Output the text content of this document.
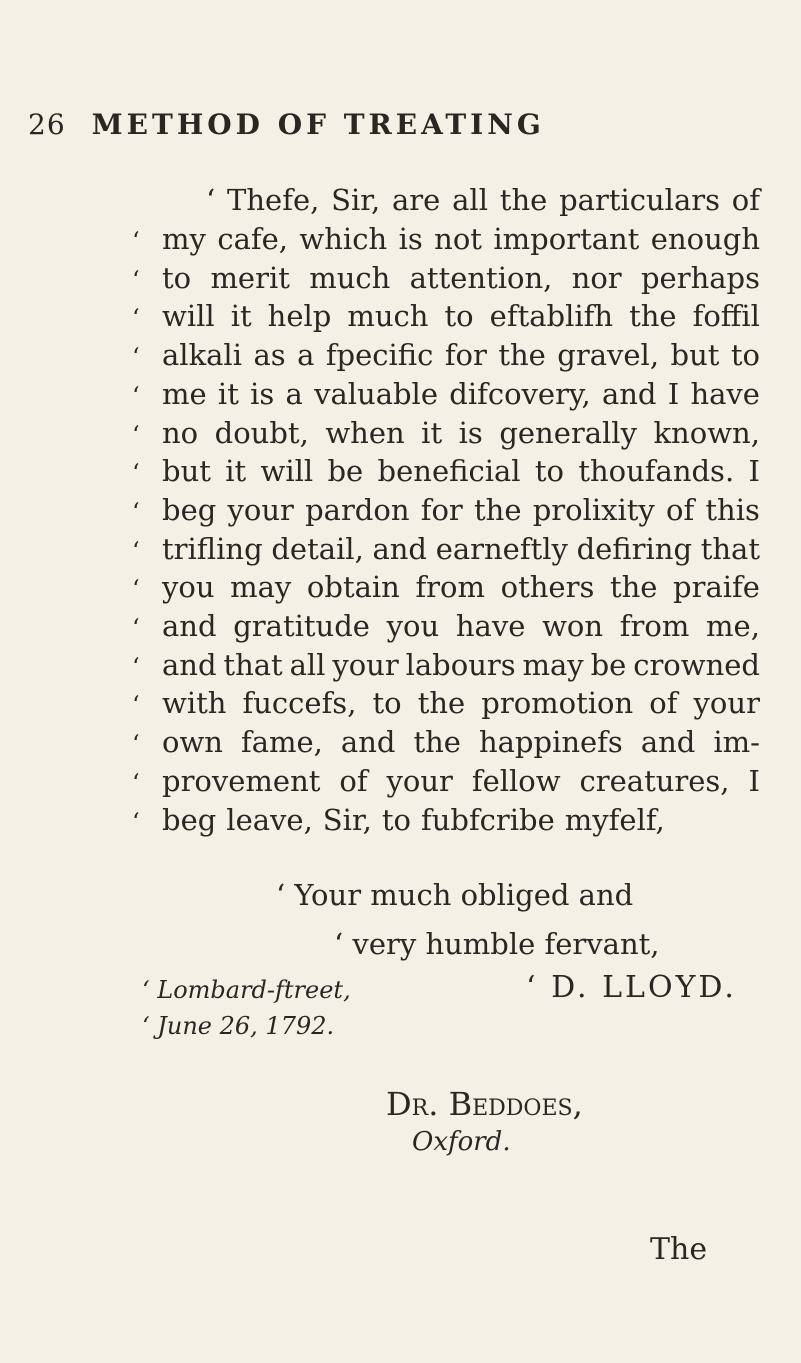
26 METHOD OF TREATING
‘ Thefe, Sir, are all the particulars of
‘ my cafe, which is not important enough
‘ to merit much attention, nor perhaps
‘ will it help much to eftablifh the foffil
‘ alkali as a fpecific for the gravel, but to
‘ me it is a valuable difcovery, and I have
‘ no doubt, when it is generally known,
‘ but it will be beneficial to thoufands. I
‘ beg your pardon for the prolixity of this
‘ trifling detail, and earneftly defiring that
‘ you may obtain from others the praife
‘ and gratitude you have won from me,
‘ and that all your labours may be crowned
‘ with fuccefs, to the promotion of your
‘ own fame, and the happinefs and im-
‘ provement of your fellow creatures, I
‘ beg leave, Sir, to fubfcribe myfelf,
‘ Your much obliged and
‘ very humble fervant,
‘ Lombard-ftreet,	‘ D. LLOYD.
‘ June 26, 1792.
Dr. Beddoes,
Oxford.
The
